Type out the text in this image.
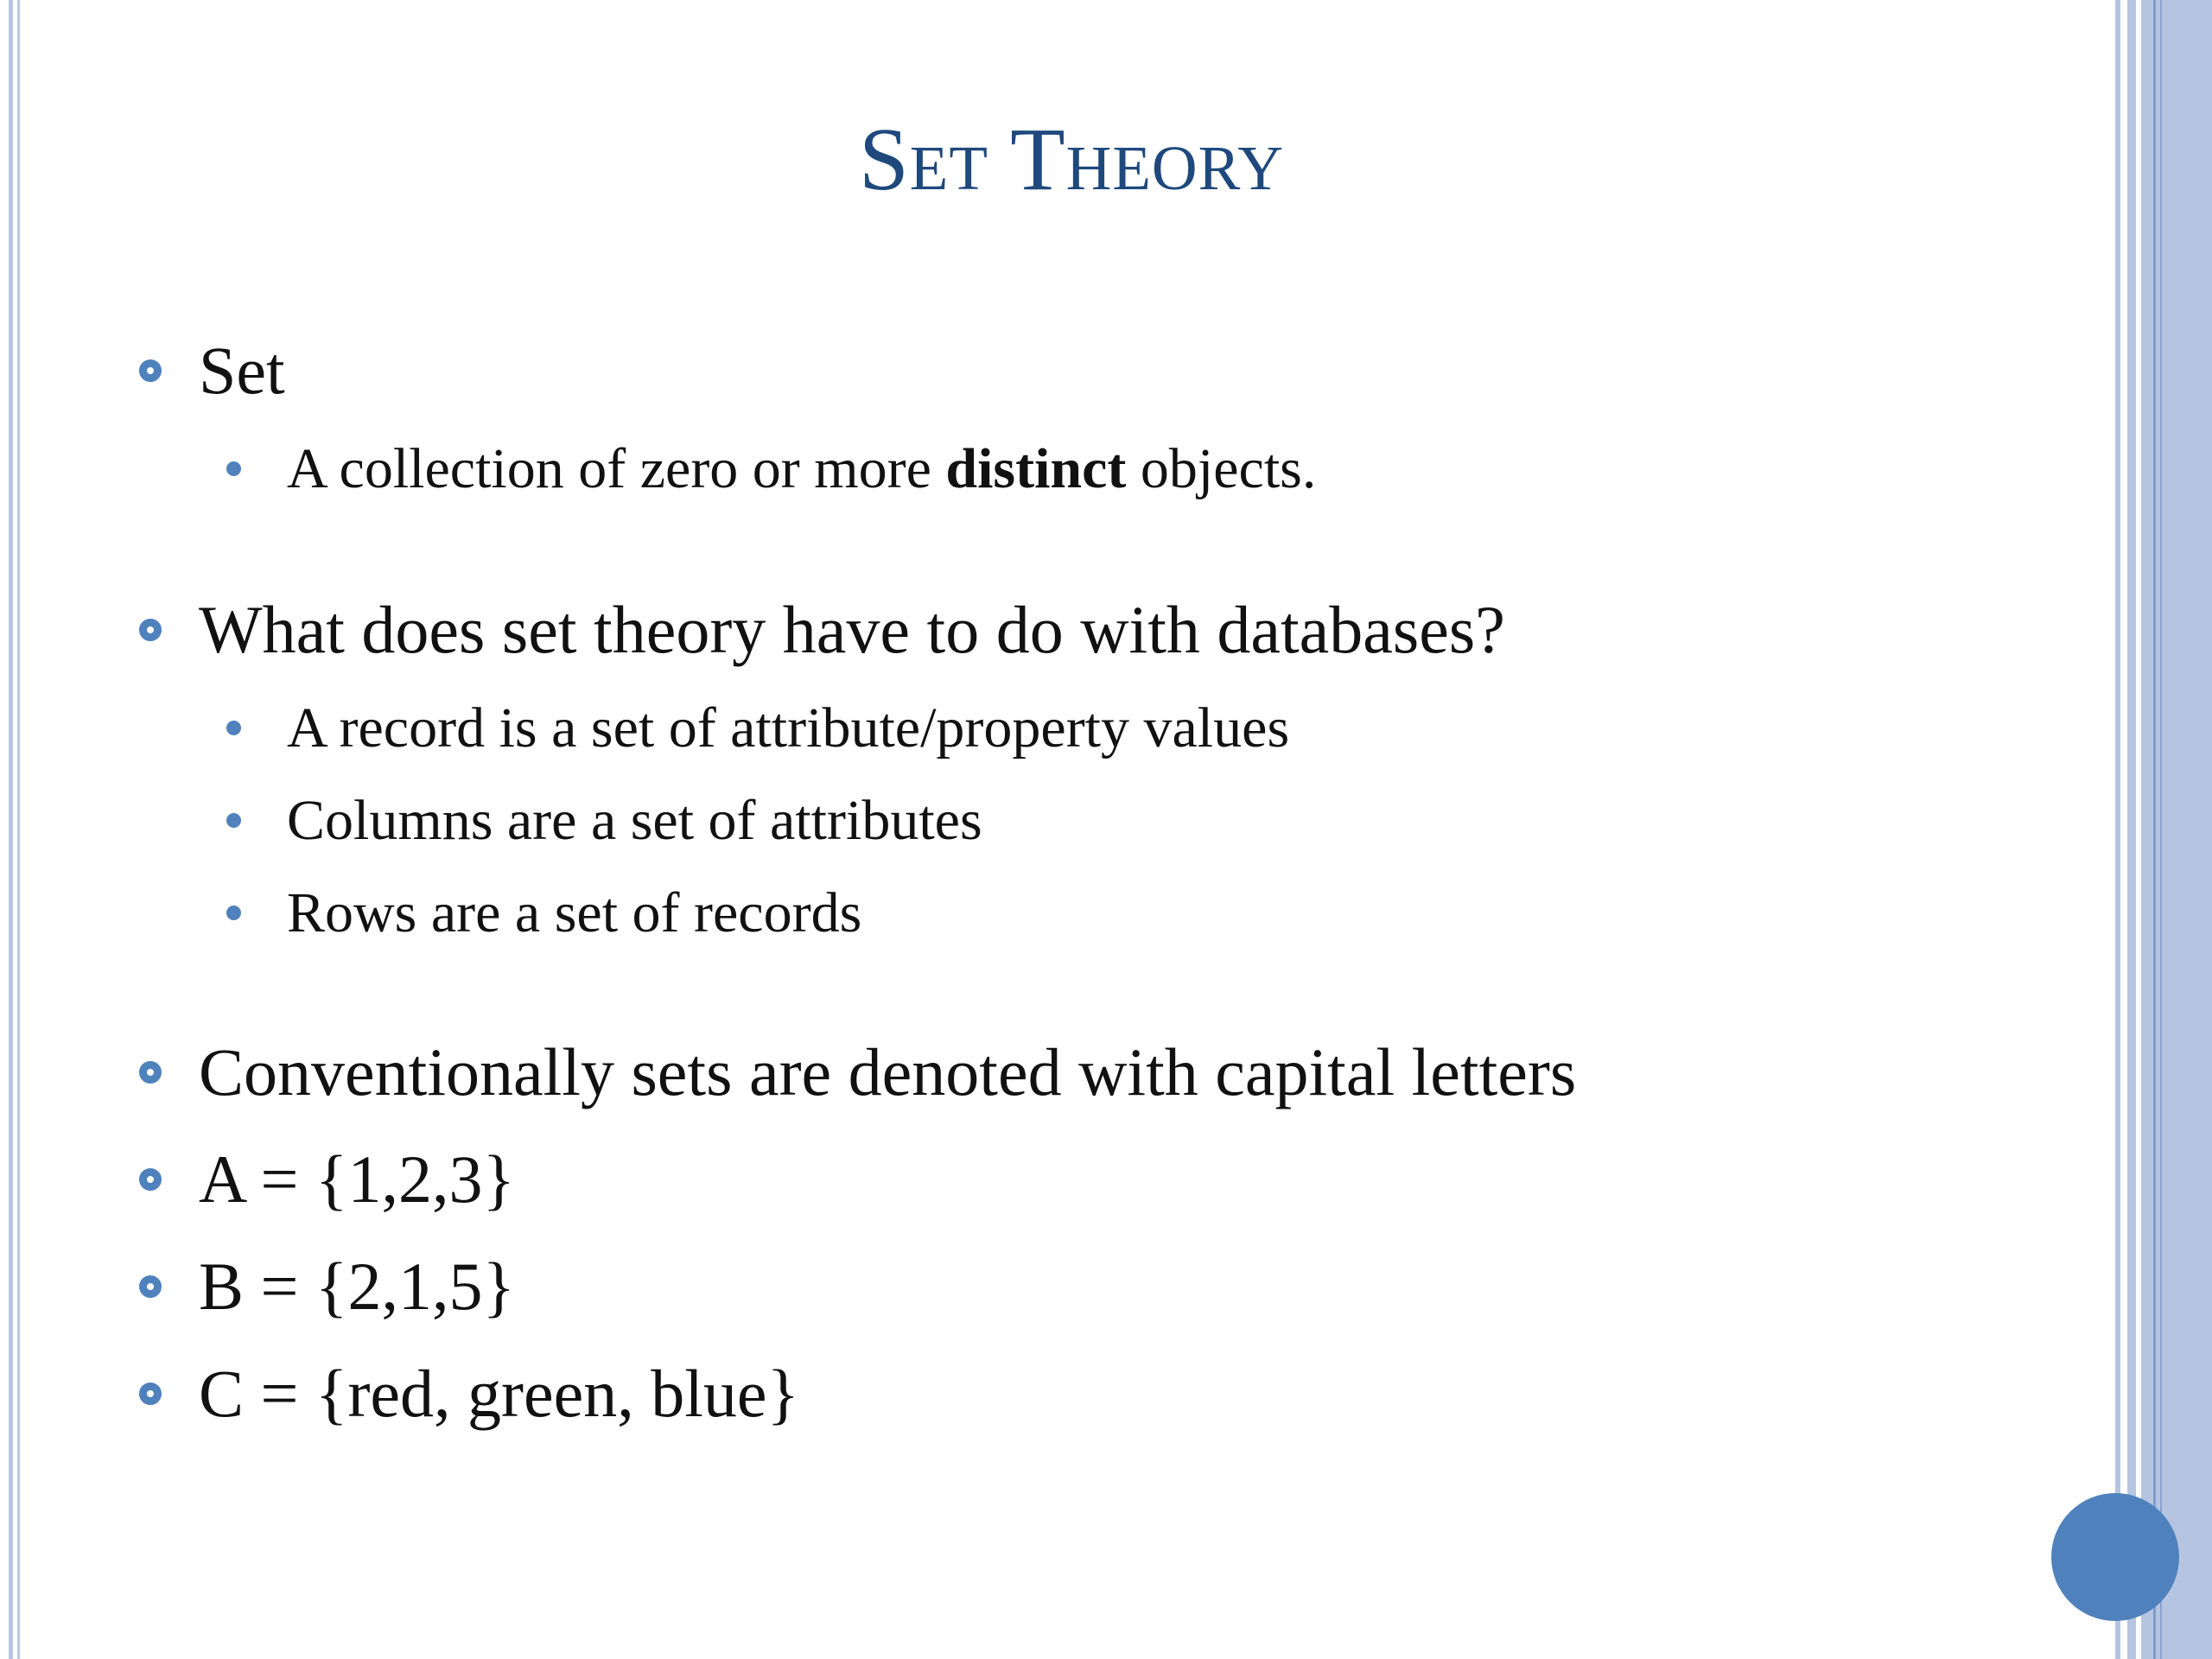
Set Theory
Set
A collection of zero or more distinct objects.
What does set theory have to do with databases?
A record is a set of attribute/property values
Columns are a set of attributes
Rows are a set of records
Conventionally sets are denoted with capital letters
A = {1,2,3}
B = {2,1,5}
C = {red, green, blue}
